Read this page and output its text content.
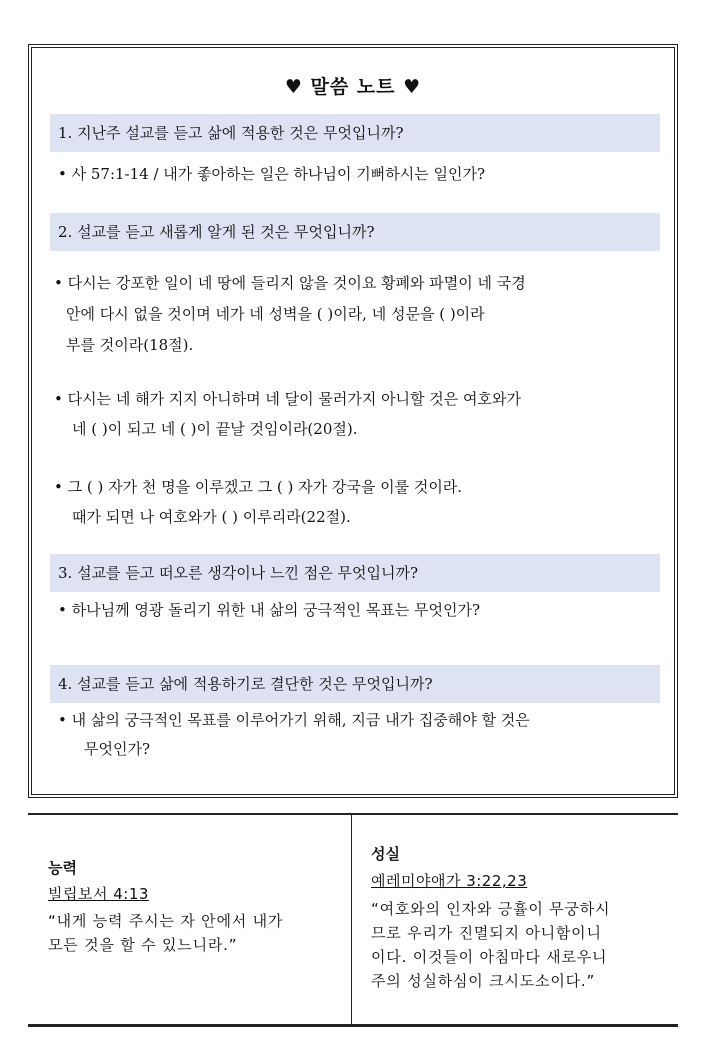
♥ 말씀 노트 ♥
1. 지난주 설교를 듣고 삶에 적용한 것은 무엇입니까?
• 사 57:1-14 / 내가 좋아하는 일은 하나님이 기뻐하시는 일인가?
2. 설교를 듣고 새롭게 알게 된 것은 무엇입니까?
• 다시는 강포한 일이 네 땅에 들리지 않을 것이요 황폐와 파멸이 네 국경
안에 다시 없을 것이며 네가 네 성벽을 ( )이라, 네 성문을 ( )이라
부를 것이라(18절).
• 다시는 네 해가 지지 아니하며 네 달이 물러가지 아니할 것은 여호와가
네 ( )이 되고 네 ( )이 끝날 것임이라(20절).
• 그 ( ) 자가 천 명을 이루겠고 그 ( ) 자가 강국을 이룰 것이라.
때가 되면 나 여호와가 ( ) 이루리라(22절).
3. 설교를 듣고 떠오른 생각이나 느낀 점은 무엇입니까?
• 하나님께 영광 돌리기 위한 내 삶의 궁극적인 목표는 무엇인가?
4. 설교를 듣고 삶에 적용하기로 결단한 것은 무엇입니까?
• 내 삶의 궁극적인 목표를 이루어가기 위해, 지금 내가 집중해야 할 것은
무엇인가?
능력
빌립보서 4:13
“내게 능력 주시는 자 안에서 내가
모든 것을 할 수 있느니라.”
성실
예레미야애가 3:22,23
“여호와의 인자와 긍휼이 무궁하시
므로 우리가 진멸되지 아니함이니
이다. 이것들이 아침마다 새로우니
주의 성실하심이 크시도소이다.”
